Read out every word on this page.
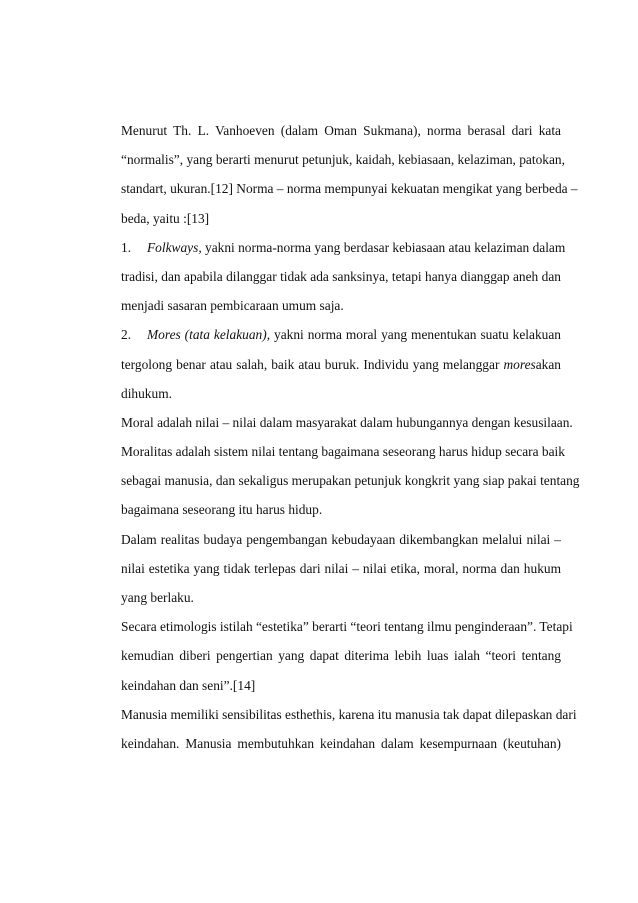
Menurut Th. L. Vanhoeven (dalam Oman Sukmana), norma berasal dari kata
“normalis”, yang berarti menurut petunjuk, kaidah, kebiasaan, kelaziman, patokan,
standart, ukuran.[12] Norma – norma mempunyai kekuatan mengikat yang berbeda –
beda, yaitu :[13]
1. Folkways, yakni norma-norma yang berdasar kebiasaan atau kelaziman dalam
tradisi, dan apabila dilanggar tidak ada sanksinya, tetapi hanya dianggap aneh dan
menjadi sasaran pembicaraan umum saja.
2. Mores (tata kelakuan), yakni norma moral yang menentukan suatu kelakuan
tergolong benar atau salah, baik atau buruk. Individu yang melanggar moresakan
dihukum.
Moral adalah nilai – nilai dalam masyarakat dalam hubungannya dengan kesusilaan.
Moralitas adalah sistem nilai tentang bagaimana seseorang harus hidup secara baik
sebagai manusia, dan sekaligus merupakan petunjuk kongkrit yang siap pakai tentang
bagaimana seseorang itu harus hidup.
Dalam realitas budaya pengembangan kebudayaan dikembangkan melalui nilai –
nilai estetika yang tidak terlepas dari nilai – nilai etika, moral, norma dan hukum
yang berlaku.
Secara etimologis istilah “estetika” berarti “teori tentang ilmu penginderaan”. Tetapi
kemudian diberi pengertian yang dapat diterima lebih luas ialah “teori tentang
keindahan dan seni”.[14]
Manusia memiliki sensibilitas esthethis, karena itu manusia tak dapat dilepaskan dari
keindahan. Manusia membutuhkan keindahan dalam kesempurnaan (keutuhan)
